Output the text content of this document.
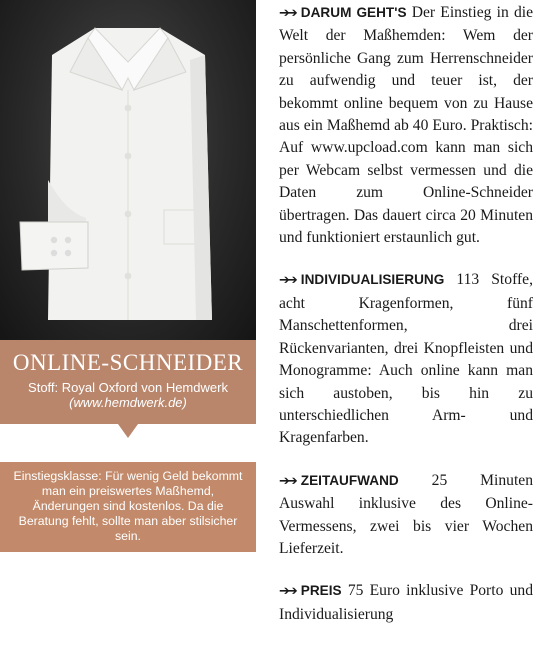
ONLINE-SCHNEIDER
Stoff: Royal Oxford von Hemdwerk
(www.hemdwerk.de)
Einstiegsklasse: Für wenig Geld bekommt man ein preiswertes Maßhemd, Änderungen sind kostenlos. Da die Beratung fehlt, sollte man aber stilsicher sein.

➔➔ DARUM GEHT'S Der Einstieg in die Welt der Maßhemden: Wem der persönliche Gang zum Herrenschneider zu aufwendig und teuer ist, der bekommt online bequem von zu Hause aus ein Maßhemd ab 40 Euro. Praktisch: Auf www.upcload.com kann man sich per Webcam selbst vermessen und die Daten zum Online-Schneider übertragen. Das dauert circa 20 Minuten und funktioniert erstaunlich gut.

➔➔ INDIVIDUALISIERUNG 113 Stoffe, acht Kragenformen, fünf Manschettenformen, drei Rückenvarianten, drei Knopfleisten und Monogramme: Auch online kann man sich austoben, bis hin zu unterschiedlichen Arm- und Kragenfarben.

➔➔ ZEITAUFWAND 25 Minuten Auswahl inklusive des Online-Vermessens, zwei bis vier Wochen Lieferzeit.

➔➔ PREIS 75 Euro inklusive Porto und Individualisierung
